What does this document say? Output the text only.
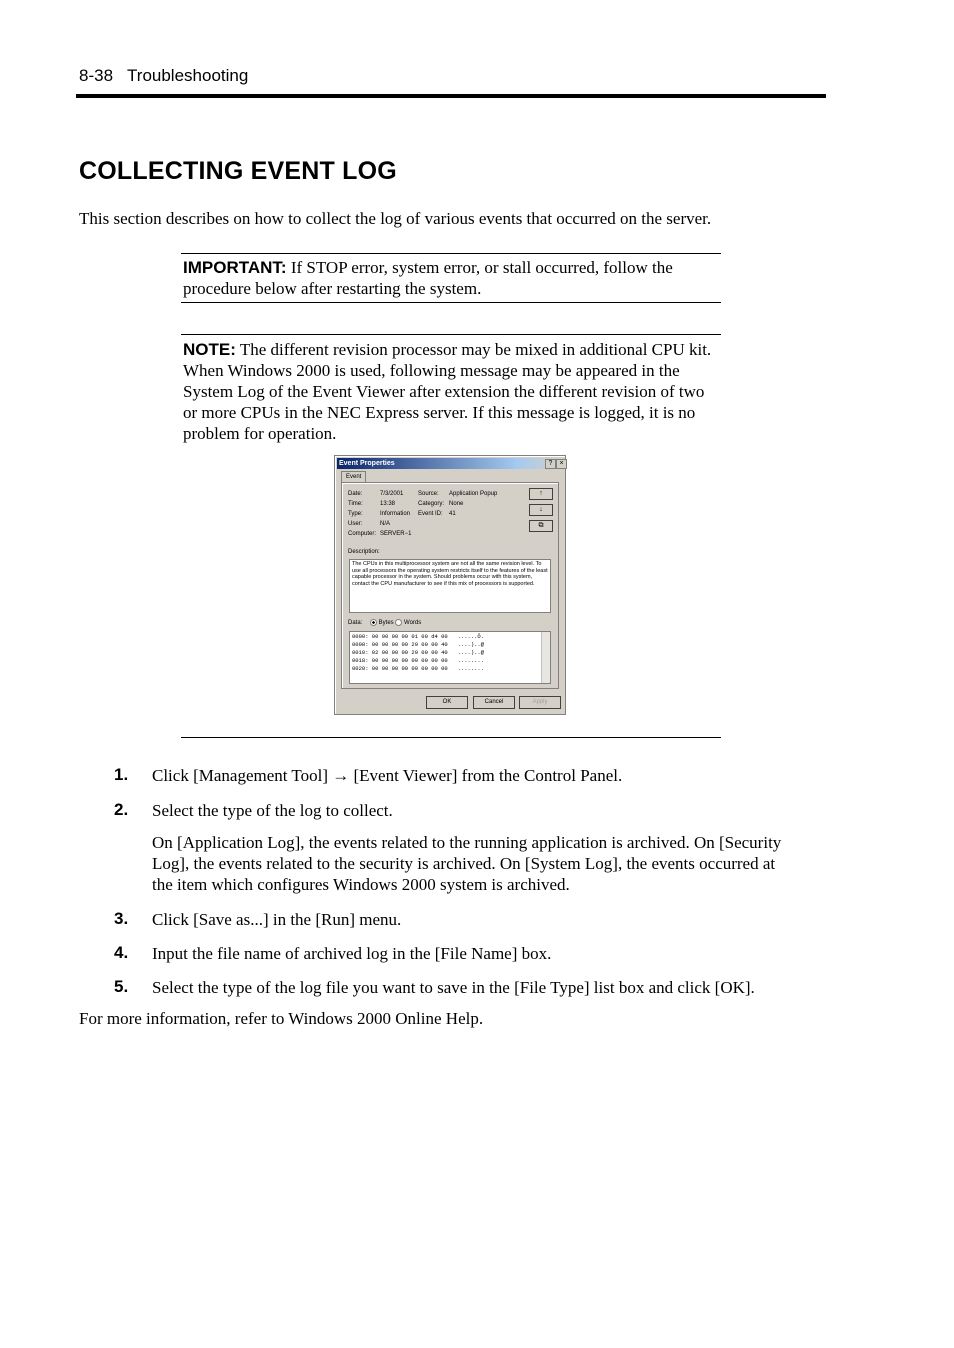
8-38 Troubleshooting
COLLECTING EVENT LOG

This section describes on how to collect the log of various events that occurred on the server.

IMPORTANT: If STOP error, system error, or stall occurred, follow the procedure below after restarting the system.

NOTE: The different revision processor may be mixed in additional CPU kit. When Windows 2000 is used, following message may be appeared in the System Log of the Event Viewer after extension the different revision of two or more CPUs in the NEC Express server. If this message is logged, it is no problem for operation.

Event Properties	?	×
Event
Date:	7/3/2001 Source: Application Popup
Time:	13:38	Category: None
Type:	Information Event ID: 41
User:	N/A
Computer: SERVER−1
↑
↓
⧉
Description:
The CPUs in this multiprocessor system are not all the same revision level. To use all processors the operating system restricts itself to the features of the least capable processor in the system. Should problems occur with this system, contact the CPU manufacturer to see if this mix of processors is supported.
Data:	Bytes Words
0000: 00 00 00 00 01 00 d4 00   ......Ô.
0008: 00 00 00 00 29 00 00 40   ....)..@
0010: 02 00 00 00 29 00 00 40   ....)..@
0018: 00 00 00 00 00 00 00 00   ........
0020: 00 00 00 00 00 00 00 00   ........
OK	Cancel	Apply
1. Click [Management Tool] → [Event Viewer] from the Control Panel.

2. Select the type of the log to collect.

On [Application Log], the events related to the running application is archived. On [Security Log], the events related to the security is archived. On [System Log], the events occurred at the item which configures Windows 2000 system is archived.

3. Click [Save as...] in the [Run] menu.

4. Input the file name of archived log in the [File Name] box.

5. Select the type of the log file you want to save in the [File Type] list box and click [OK].

For more information, refer to Windows 2000 Online Help.
